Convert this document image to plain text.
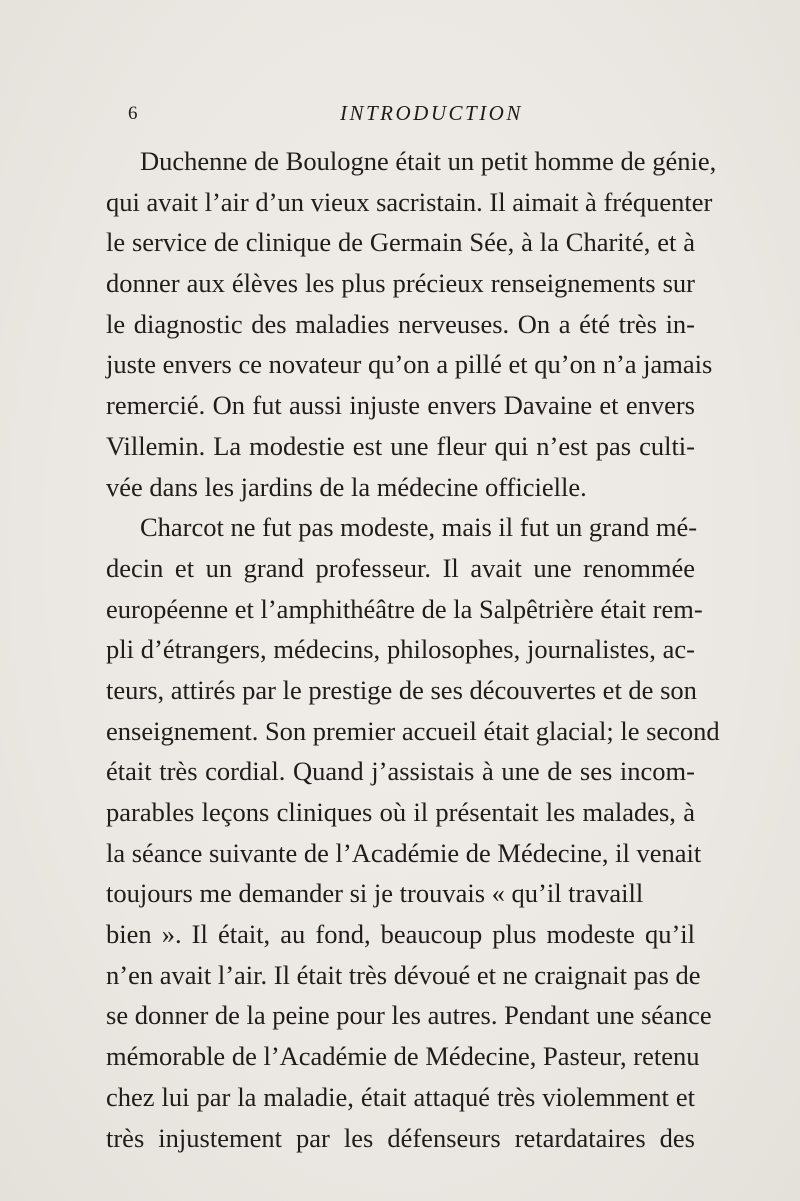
6	INTRODUCTION
Duchenne de Boulogne était un petit homme de génie,
qui avait l’air d’un vieux sacristain. Il aimait à fréquenter
le service de clinique de Germain Sée, à la Charité, et à
donner aux élèves les plus précieux renseignements sur
le diagnostic des maladies nerveuses. On a été très in-
juste envers ce novateur qu’on a pillé et qu’on n’a jamais
remercié. On fut aussi injuste envers Davaine et envers
Villemin. La modestie est une fleur qui n’est pas culti-
vée dans les jardins de la médecine officielle.
Charcot ne fut pas modeste, mais il fut un grand mé-
decin et un grand professeur. Il avait une renommée
européenne et l’amphithéâtre de la Salpêtrière était rem-
pli d’étrangers, médecins, philosophes, journalistes, ac-
teurs, attirés par le prestige de ses découvertes et de son
enseignement. Son premier accueil était glacial; le second
était très cordial. Quand j’assistais à une de ses incom-
parables leçons cliniques où il présentait les malades, à
la séance suivante de l’Académie de Médecine, il venait
toujours me demander si je trouvais « qu’il travaill
bien ». Il était, au fond, beaucoup plus modeste qu’il
n’en avait l’air. Il était très dévoué et ne craignait pas de
se donner de la peine pour les autres. Pendant une séance
mémorable de l’Académie de Médecine, Pasteur, retenu
chez lui par la maladie, était attaqué très violemment et
très injustement par les défenseurs retardataires des
